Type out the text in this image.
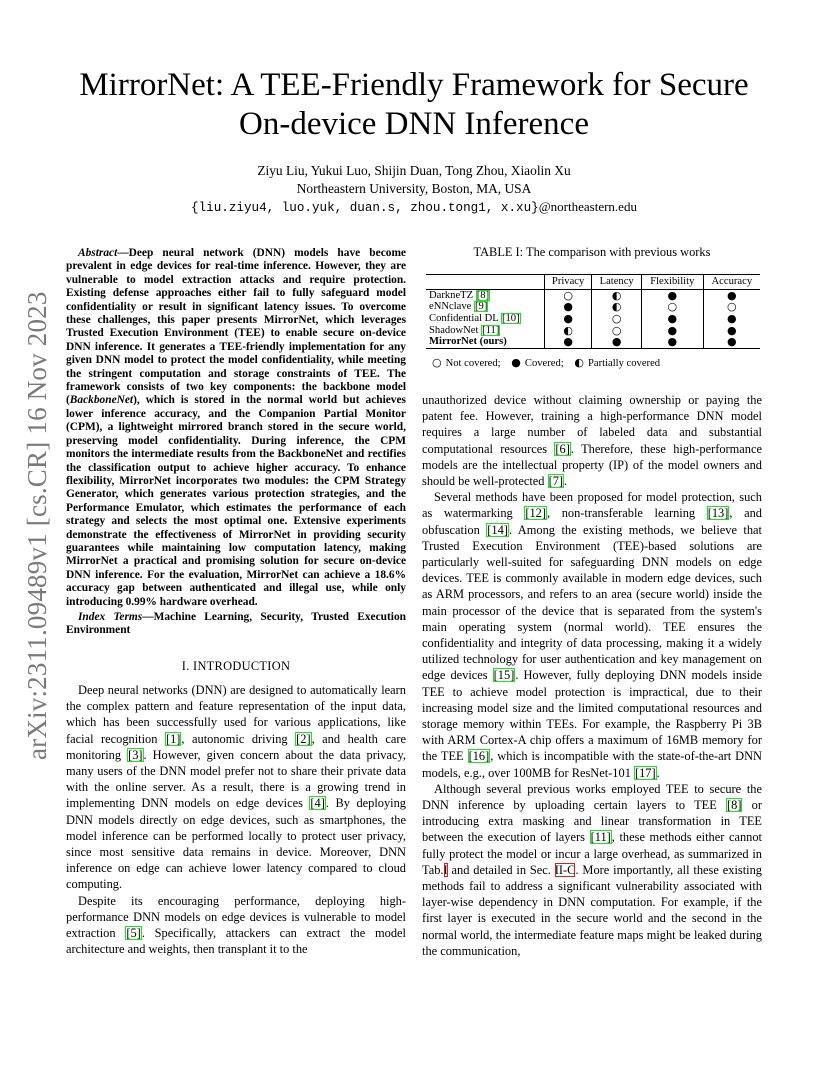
arXiv:2311.09489v1 [cs.CR] 16 Nov 2023
MirrorNet: A TEE-Friendly Framework for Secure
On-device DNN Inference
Ziyu Liu, Yukui Luo, Shijin Duan, Tong Zhou, Xiaolin Xu
Northeastern University, Boston, MA, USA
{liu.ziyu4, luo.yuk, duan.s, zhou.tong1, x.xu}@northeastern.edu

Abstract—Deep neural network (DNN) models have become prevalent in edge devices for real-time inference. However, they are vulnerable to model extraction attacks and require protection. Existing defense approaches either fail to fully safeguard model confidentiality or result in significant latency issues. To overcome these challenges, this paper presents MirrorNet, which leverages Trusted Execution Environment (TEE) to enable secure on-device DNN inference. It generates a TEE-friendly implementation for any given DNN model to protect the model confidentiality, while meeting the stringent computation and storage constraints of TEE. The framework consists of two key components: the backbone model (BackboneNet), which is stored in the normal world but achieves lower inference accuracy, and the Companion Partial Monitor (CPM), a lightweight mirrored branch stored in the secure world, preserving model confidentiality. During inference, the CPM monitors the intermediate results from the BackboneNet and rectifies the classification output to achieve higher accuracy. To enhance flexibility, MirrorNet incorporates two modules: the CPM Strategy Generator, which generates various protection strategies, and the Performance Emulator, which estimates the performance of each strategy and selects the most optimal one. Extensive experiments demonstrate the effectiveness of MirrorNet in providing security guarantees while maintaining low computation latency, making MirrorNet a practical and promising solution for secure on-device DNN inference. For the evaluation, MirrorNet can achieve a 18.6% accuracy gap between authenticated and illegal use, while only introducing 0.99% hardware overhead.

Index Terms—Machine Learning, Security, Trusted Execution Environment

I. INTRODUCTION

Deep neural networks (DNN) are designed to automatically learn the complex pattern and feature representation of the input data, which has been successfully used for various applications, like facial recognition [1], autonomic driving [2], and health care monitoring [3]. However, given concern about the data privacy, many users of the DNN model prefer not to share their private data with the online server. As a result, there is a growing trend in implementing DNN models on edge devices [4]. By deploying DNN models directly on edge devices, such as smartphones, the model inference can be performed locally to protect user privacy, since most sensitive data remains in device. Moreover, DNN inference on edge can achieve lower latency compared to cloud computing.

Despite its encouraging performance, deploying high-performance DNN models on edge devices is vulnerable to model extraction [5]. Specifically, attackers can extract the model architecture and weights, then transplant it to the

TABLE I: The comparison with previous works
	Privacy	Latency	Flexibility	Accuracy
DarkneTZ [8]	○	◐	●	●
eNNclave [9]	●	◐	○	○
Confidential DL [10]	●	○	●	●
ShadowNet [11]	◐	○	●	●
MirrorNet (ours)	●	●	●	●
○ Not covered; ● Covered; ◐ Partially covered

unauthorized device without claiming ownership or paying the patent fee. However, training a high-performance DNN model requires a large number of labeled data and substantial computational resources [6]. Therefore, these high-performance models are the intellectual property (IP) of the model owners and should be well-protected [7].

Several methods have been proposed for model protection, such as watermarking [12], non-transferable learning [13], and obfuscation [14]. Among the existing methods, we believe that Trusted Execution Environment (TEE)-based solutions are particularly well-suited for safeguarding DNN models on edge devices. TEE is commonly available in modern edge devices, such as ARM processors, and refers to an area (secure world) inside the main processor of the device that is separated from the system's main operating system (normal world). TEE ensures the confidentiality and integrity of data processing, making it a widely utilized technology for user authentication and key management on edge devices [15]. However, fully deploying DNN models inside TEE to achieve model protection is impractical, due to their increasing model size and the limited computational resources and storage memory within TEEs. For example, the Raspberry Pi 3B with ARM Cortex-A chip offers a maximum of 16MB memory for the TEE [16], which is incompatible with the state-of-the-art DNN models, e.g., over 100MB for ResNet-101 [17].

Although several previous works employed TEE to secure the DNN inference by uploading certain layers to TEE [8] or introducing extra masking and linear transformation in TEE between the execution of layers [11], these methods either cannot fully protect the model or incur a large overhead, as summarized in Tab.I and detailed in Sec. II-C. More importantly, all these existing methods fail to address a significant vulnerability associated with layer-wise dependency in DNN computation. For example, if the first layer is executed in the secure world and the second in the normal world, the intermediate feature maps might be leaked during the communication,
